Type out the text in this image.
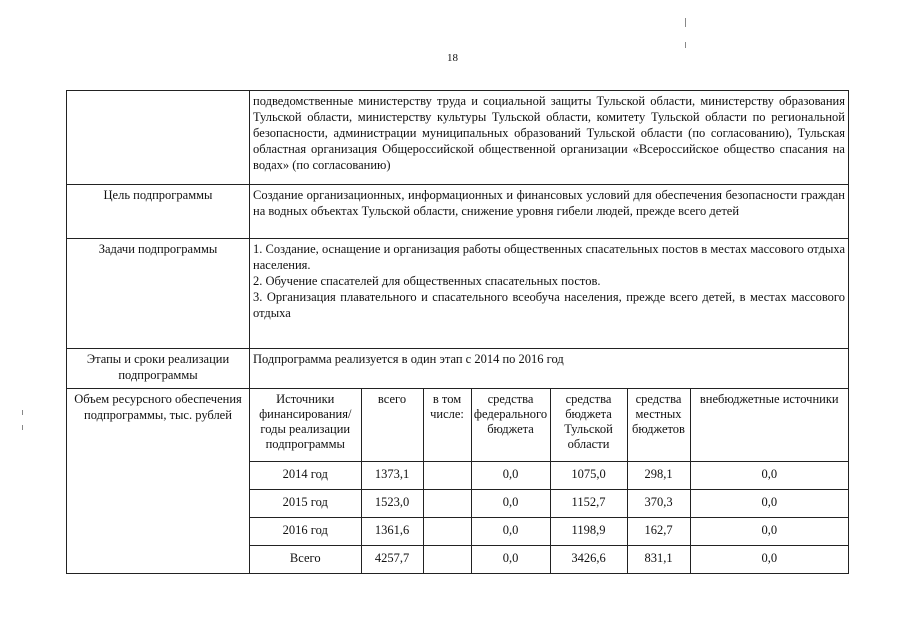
18
	подведомственные министерству труда и социальной защиты Тульской области, министерству образования Тульской области, министерству культуры Тульской области, комитету Тульской области по региональной безопасности, администрации муниципальных образований Тульской области (по согласованию), Тульская областная организация Общероссийской общественной организации «Всероссийское общество спасания на водах» (по согласованию)
Цель подпрограммы	Создание организационных, информационных и финансовых условий для обеспечения безопасности граждан на водных объектах Тульской области, снижение уровня гибели людей, прежде всего детей
Задачи подпрограммы	1. Создание, оснащение и организация работы общественных спасательных постов в местах массового отдыха населения.

2. Обучение спасателей для общественных спасательных постов.

3. Организация плавательного и спасательного всеобуча населения, прежде всего детей, в местах массового отдыха

Этапы и сроки реализации подпрограммы	Подпрограмма реализуется в один этап с 2014 по 2016 год
Объем ресурсного обеспечения подпрограммы, тыс. рублей	
Источники финансирования/ годы реализации подпрограммы	всего	в том числе:	средства федерального бюджета	средства бюджета Тульской области	средства местных бюджетов	внебюджетные источники
2014 год	1373,1		0,0	1075,0	298,1	0,0
2015 год	1523,0		0,0	1152,7	370,3	0,0
2016 год	1361,6		0,0	1198,9	162,7	0,0
Всего	4257,7		0,0	3426,6	831,1	0,0
